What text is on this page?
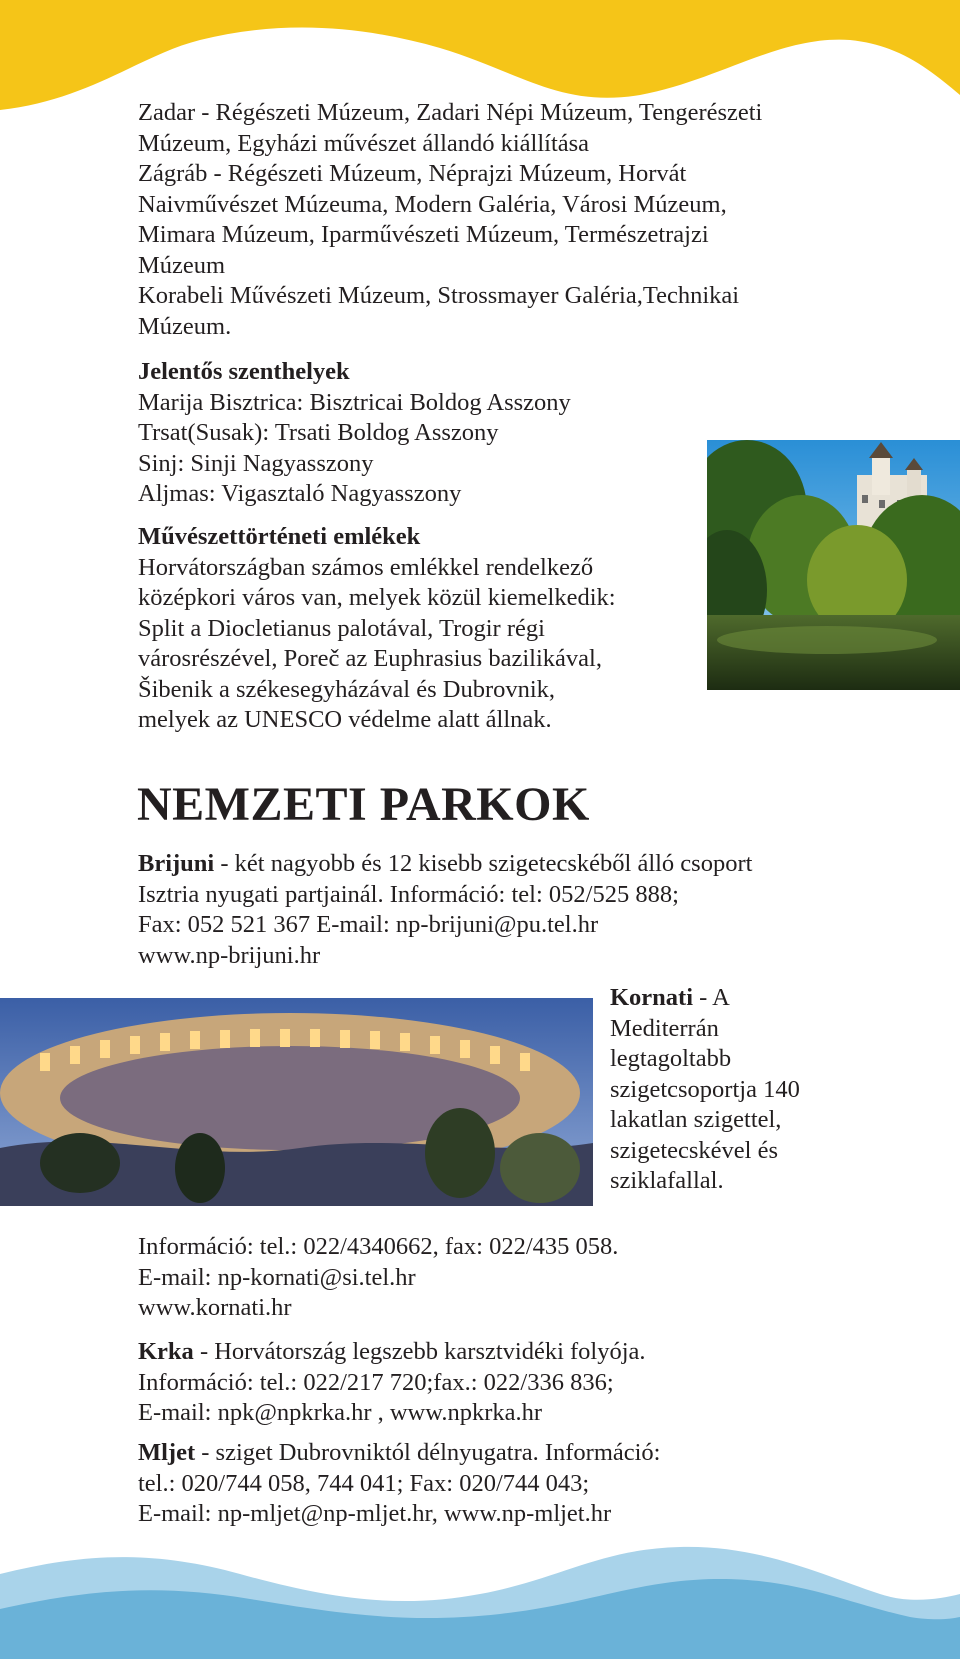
Zadar - Régészeti Múzeum, Zadari Népi Múzeum, Tengerészeti

Múzeum, Egyházi művészet állandó kiállítása

Zágráb - Régészeti Múzeum, Néprajzi Múzeum, Horvát

Naivművészet Múzeuma, Modern Galéria, Városi Múzeum,

Mimara Múzeum, Iparművészeti Múzeum, Természetrajzi

Múzeum

Korabeli Művészeti Múzeum, Strossmayer Galéria,Technikai

Múzeum.

Jelentős szenthelyek

Marija Bisztrica: Bisztricai Boldog Asszony

Trsat(Susak): Trsati Boldog Asszony

Sinj: Sinji Nagyasszony

Aljmas: Vigasztaló Nagyasszony

Művészettörténeti emlékek

Horvátországban számos emlékkel rendelkező

középkori város van, melyek közül kiemelkedik:

Split a Diocletianus palotával, Trogir régi

városrészével, Poreč az Euphrasius bazilikával,

Šibenik a székesegyházával és Dubrovnik,

melyek az UNESCO védelme alatt állnak.

NEMZETI PARKOK

Brijuni - két nagyobb és 12 kisebb szigetecskéből álló csoport

Isztria nyugati partjainál. Információ: tel: 052/525 888;

Fax: 052 521 367 E-mail: np-brijuni@pu.tel.hr

www.np-brijuni.hr

Kornati - A

Mediterrán

legtagoltabb

szigetcsoportja 140

lakatlan szigettel,

szigetecskével és

sziklafallal.

Információ: tel.: 022/4340662, fax: 022/435 058.

E-mail: np-kornati@si.tel.hr

www.kornati.hr

Krka - Horvátország legszebb karsztvidéki folyója.

Információ: tel.: 022/217 720;fax.: 022/336 836;

E-mail: npk@npkrka.hr , www.npkrka.hr

Mljet - sziget Dubrovniktól délnyugatra. Információ:

tel.: 020/744 058, 744 041; Fax: 020/744 043;

E-mail: np-mljet@np-mljet.hr, www.np-mljet.hr
